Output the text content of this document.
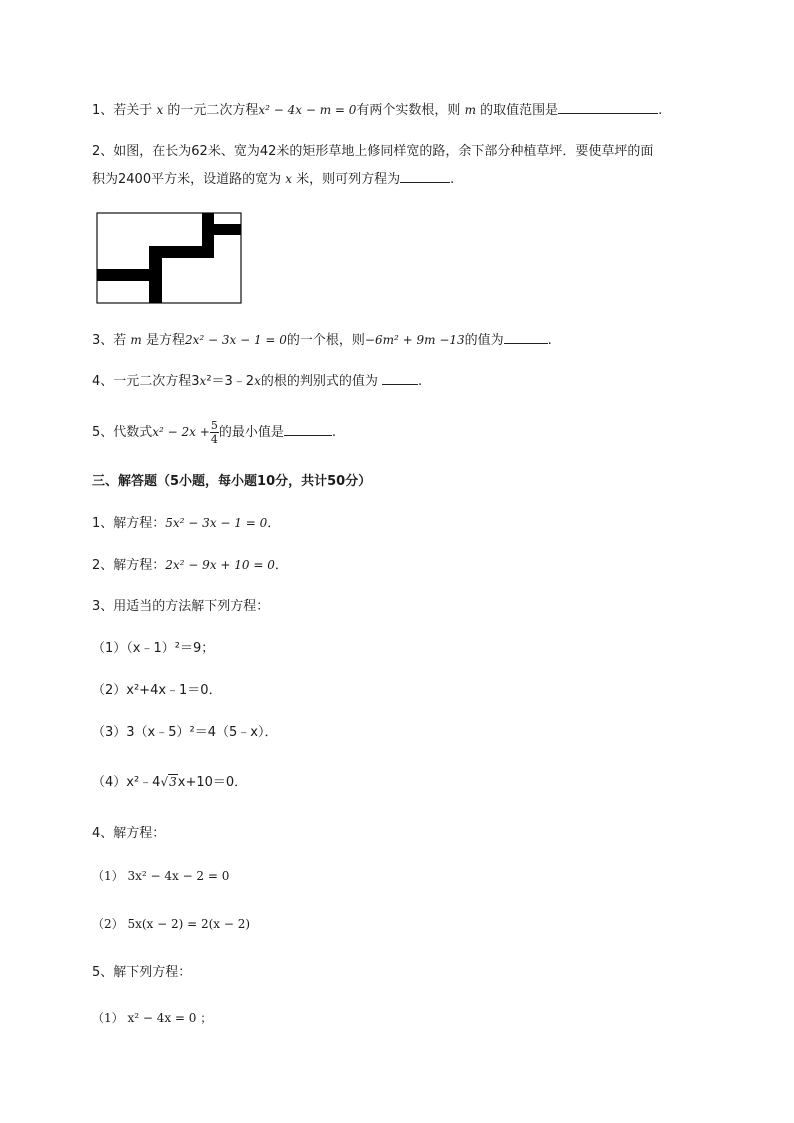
1、若关于 x 的一元二次方程x² − 4x − m = 0有两个实数根，则 m 的取值范围是	.
2、如图，在长为62米、宽为42米的矩形草地上修同样宽的路，余下部分种植草坪．要使草坪的面
积为2400平方米，设道路的宽为 x 米，则可列方程为	.
3、若 m 是方程2x² − 3x − 1 = 0的一个根，则−6m² + 9m −13的值为	.
4、一元二次方程3x²＝3﹣2x的根的判别式的值为	.
5、代数式$x^2 - 2x + \frac{5}{4}$ 的最小值是	.
三、解答题（5小题，每小题10分，共计50分）
1、解方程：5x² − 3x − 1 = 0．
2、解方程：2x² − 9x + 10 = 0．
3、用适当的方法解下列方程：
（1）（x﹣1）²＝9；
（2）x²+4x﹣1＝0．
（3）3（x﹣5）²＝4（5﹣x）．
（4）x²﹣4√3x+10＝0．
4、解方程：
（1） 3x² − 4x − 2 = 0
（2） 5x(x − 2) = 2(x − 2)
5、解下列方程：
（1） x² − 4x = 0 ；
